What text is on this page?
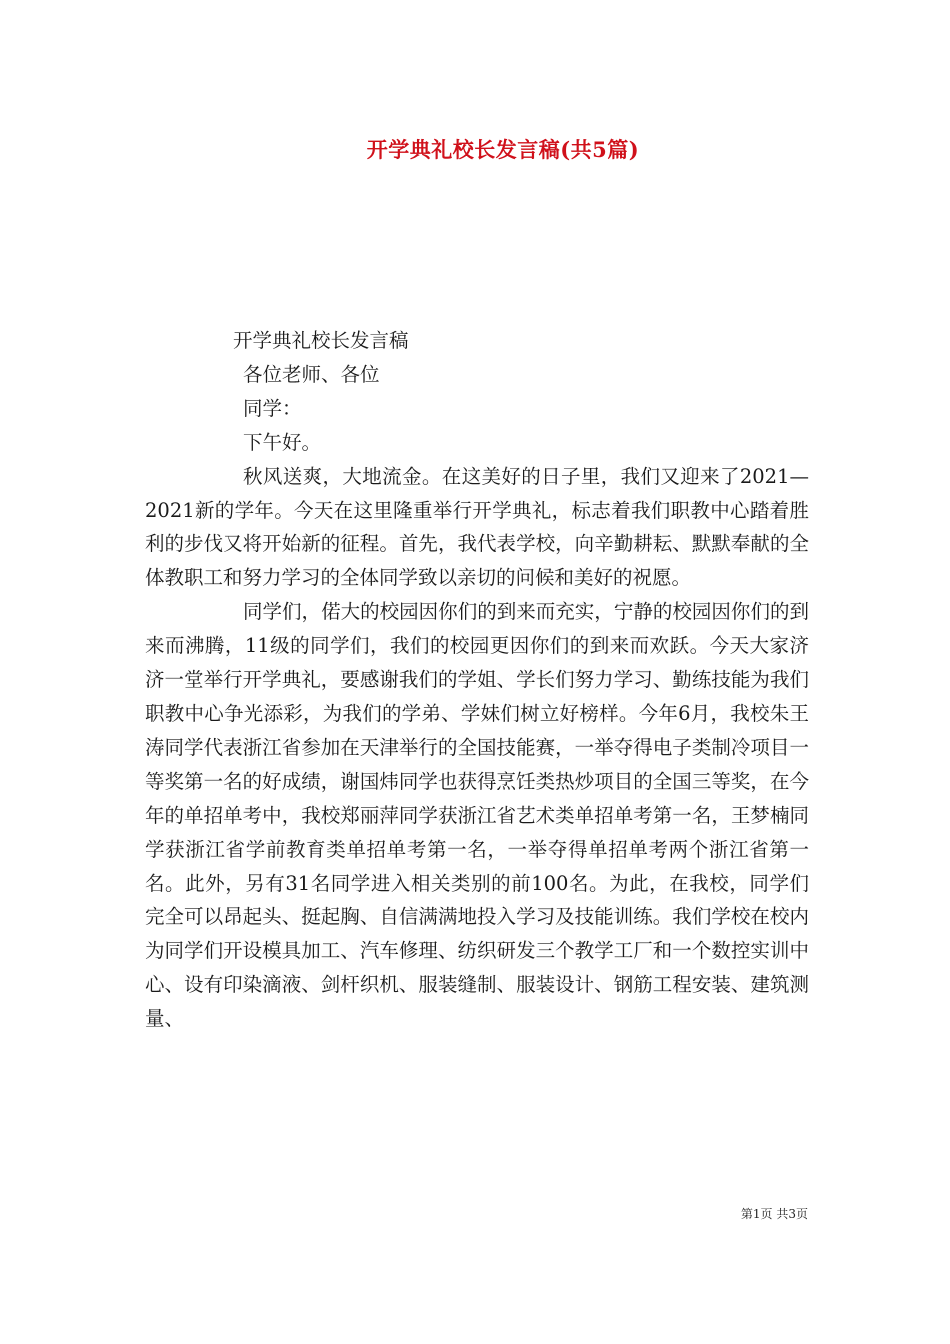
开学典礼校长发言稿(共5篇)
开学典礼校长发言稿
各位老师、各位
同学：
下午好。

秋风送爽，大地流金。在这美好的日子里，我们又迎来了2021—2021新的学年。今天在这里隆重举行开学典礼，标志着我们职教中心踏着胜利的步伐又将开始新的征程。首先，我代表学校，向辛勤耕耘、默默奉献的全体教职工和努力学习的全体同学致以亲切的问候和美好的祝愿。

同学们，偌大的校园因你们的到来而充实，宁静的校园因你们的到来而沸腾，11级的同学们，我们的校园更因你们的到来而欢跃。今天大家济济一堂举行开学典礼，要感谢我们的学姐、学长们努力学习、勤练技能为我们职教中心争光添彩，为我们的学弟、学妹们树立好榜样。今年6月，我校朱王涛同学代表浙江省参加在天津举行的全国技能赛，一举夺得电子类制冷项目一等奖第一名的好成绩，谢国炜同学也获得烹饪类热炒项目的全国三等奖，在今年的单招单考中，我校郑丽萍同学获浙江省艺术类单招单考第一名，王梦楠同学获浙江省学前教育类单招单考第一名，一举夺得单招单考两个浙江省第一名。此外，另有31名同学进入相关类别的前100名。为此，在我校，同学们完全可以昂起头、挺起胸、自信满满地投入学习及技能训练。我们学校在校内为同学们开设模具加工、汽车修理、纺织研发三个教学工厂和一个数控实训中心、设有印染滴液、剑杆织机、服装缝制、服装设计、钢筋工程安装、建筑测量、

第1页 共3页
